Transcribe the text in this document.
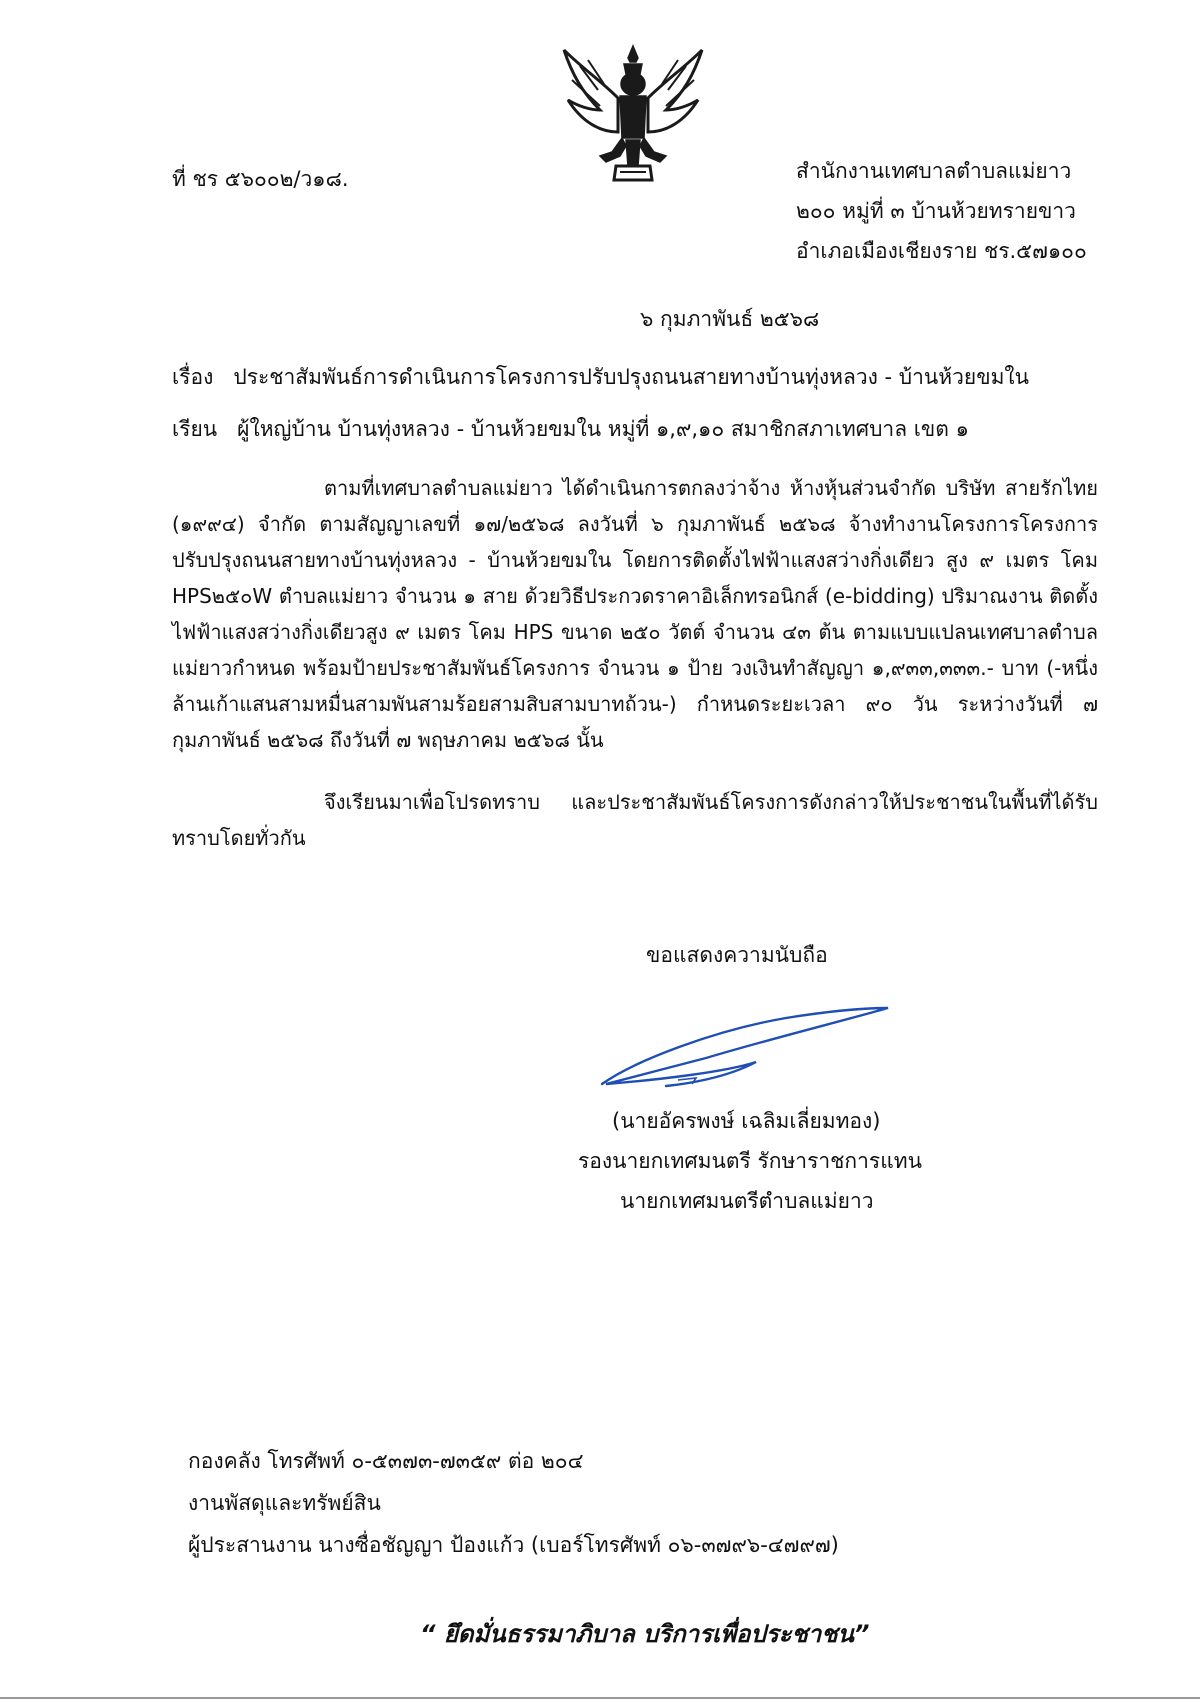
ที่ ชร ๕๖๐๐๒/ว๑๘.	สำนักงานเทศบาลตำบลแม่ยาว
๒๐๐ หมู่ที่ ๓ บ้านห้วยทรายขาว
อำเภอเมืองเชียงราย ชร.๕๗๑๐๐
๖ กุมภาพันธ์ ๒๕๖๘
เรื่อง ประชาสัมพันธ์การดำเนินการโครงการปรับปรุงถนนสายทางบ้านทุ่งหลวง - บ้านห้วยขมใน
เรียน ผู้ใหญ่บ้าน บ้านทุ่งหลวง - บ้านห้วยขมใน หมู่ที่ ๑,๙,๑๐ สมาชิกสภาเทศบาล เขต ๑
ตามที่เทศบาลตำบลแม่ยาว ได้ดำเนินการตกลงว่าจ้าง ห้างหุ้นส่วนจำกัด บริษัท สายรักไทย (๑๙๙๔) จำกัด ตามสัญญาเลขที่ ๑๗/๒๕๖๘ ลงวันที่ ๖ กุมภาพันธ์ ๒๕๖๘ จ้างทำงานโครงการโครงการ ปรับปรุงถนนสายทางบ้านทุ่งหลวง - บ้านห้วยขมใน โดยการติดตั้งไฟฟ้าแสงสว่างกิ่งเดียว สูง ๙ เมตร โคม HPS๒๕๐W ตำบลแม่ยาว จำนวน ๑ สาย ด้วยวิธีประกวดราคาอิเล็กทรอนิกส์ (e-bidding) ปริมาณงาน ติดตั้ง ไฟฟ้าแสงสว่างกิ่งเดียวสูง ๙ เมตร โคม HPS ขนาด ๒๕๐ วัตต์ จำนวน ๔๓ ต้น ตามแบบแปลนเทศบาลตำบล แม่ยาวกำหนด พร้อมป้ายประชาสัมพันธ์โครงการ จำนวน ๑ ป้าย วงเงินทำสัญญา ๑,๙๓๓,๓๓๓.- บาท (-หนึ่งล้านเก้าแสนสามหมื่นสามพันสามร้อยสามสิบสามบาทถ้วน-) กำหนดระยะเวลา ๙๐ วัน ระหว่างวันที่ ๗ กุมภาพันธ์ ๒๕๖๘ ถึงวันที่ ๗ พฤษภาคม ๒๕๖๘ นั้น
จึงเรียนมาเพื่อโปรดทราบ และประชาสัมพันธ์โครงการดังกล่าวให้ประชาชนในพื้นที่ได้รับ ทราบโดยทั่วกัน
ขอแสดงความนับถือ
(นายอัครพงษ์ เฉลิมเลี่ยมทอง)
รองนายกเทศมนตรี รักษาราชการแทน
นายกเทศมนตรีตำบลแม่ยาว
กองคลัง โทรศัพท์ ๐-๕๓๗๓-๗๓๕๙ ต่อ ๒๐๔
งานพัสดุและทรัพย์สิน
ผู้ประสานงาน นางซื่อชัญญา ป้องแก้ว (เบอร์โทรศัพท์ ๐๖-๓๗๙๖-๔๗๙๗)
“ ยึดมั่นธรรมาภิบาล บริการเพื่อประชาชน”
